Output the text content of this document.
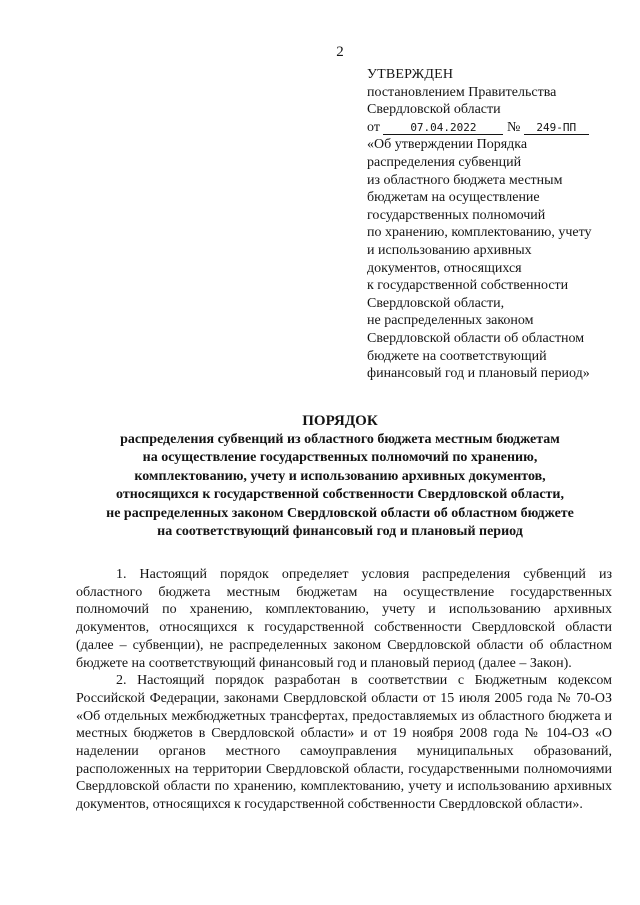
2
УТВЕРЖДЕН
постановлением Правительства
Свердловской области
от	07.04.2022 № 249-ПП
«Об утверждении Порядка
распределения субвенций
из областного бюджета местным
бюджетам на осуществление
государственных полномочий
по хранению, комплектованию, учету
и использованию архивных
документов, относящихся
к государственной собственности
Свердловской области,
не распределенных законом
Свердловской области об областном
бюджете на соответствующий
финансовый год и плановый период»
ПОРЯДОК
распределения субвенций из областного бюджета местным бюджетам
на осуществление государственных полномочий по хранению,
комплектованию, учету и использованию архивных документов,
относящихся к государственной собственности Свердловской области,
не распределенных законом Свердловской области об областном бюджете
на соответствующий финансовый год и плановый период

1. Настоящий порядок определяет условия распределения субвенций из областного бюджета местным бюджетам на осуществление государственных полномочий по хранению, комплектованию, учету и использованию архивных документов, относящихся к государственной собственности Свердловской области (далее – субвенции), не распределенных законом Свердловской области об областном бюджете на соответствующий финансовый год и плановый период (далее – Закон).

2. Настоящий порядок разработан в соответствии с Бюджетным кодексом Российской Федерации, законами Свердловской области от 15 июля 2005 года № 70-ОЗ «Об отдельных межбюджетных трансфертах, предоставляемых из областного бюджета и местных бюджетов в Свердловской области» и от 19 ноября 2008 года № 104-ОЗ «О наделении органов местного самоуправления муниципальных образований, расположенных на территории Свердловской области, государственными полномочиями Свердловской области по хранению, комплектованию, учету и использованию архивных документов, относящихся к государственной собственности Свердловской области».
